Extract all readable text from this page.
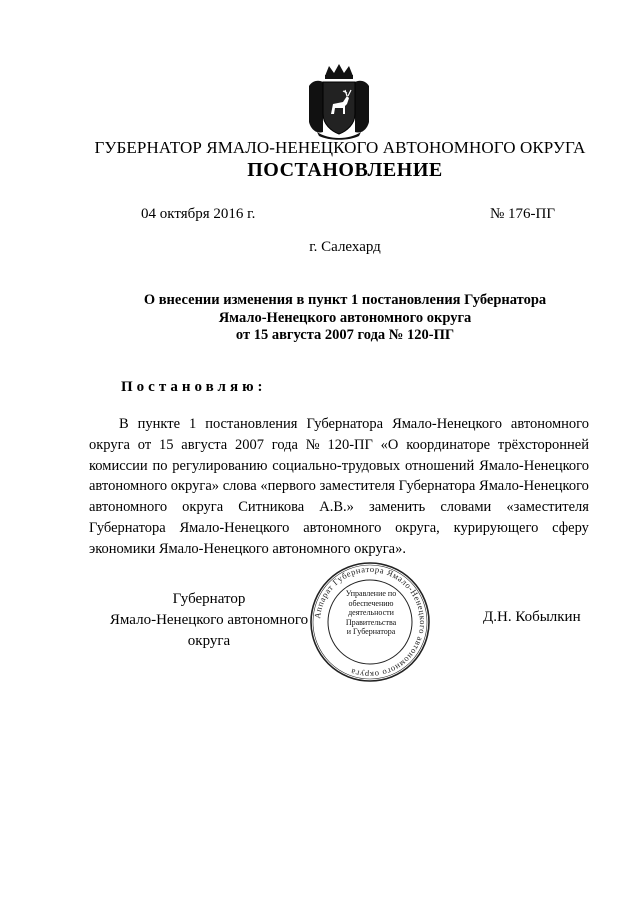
ГУБЕРНАТОР ЯМАЛО-НЕНЕЦКОГО АВТОНОМНОГО ОКРУГА
ПОСТАНОВЛЕНИЕ
04 октября 2016 г.	№ 176-ПГ
г. Салехард
О внесении изменения в пункт 1 постановления Губернатора
Ямало-Ненецкого автономного округа
от 15 августа 2007 года № 120-ПГ
Постановляю:
В пункте 1 постановления Губернатора Ямало-Ненецкого автономного
округа от 15 августа 2007 года № 120-ПГ «О координаторе трёхсторонней
комиссии по регулированию социально-трудовых отношений Ямало-Ненецкого
автономного округа» слова «первого заместителя Губернатора Ямало-Ненецкого
автономного округа Ситникова А.В.» заменить словами «заместителя
Губернатора Ямало-Ненецкого автономного округа, курирующего сферу
экономики Ямало-Ненецкого автономного округа».
Губернатор
Ямало-Ненецкого автономного округа
Д.Н. Кобылкин
Аппарат Губернатора Ямало-Ненецкого автономного округа
Управление по
обеспечению
деятельности
Правительства
и Губернатора
